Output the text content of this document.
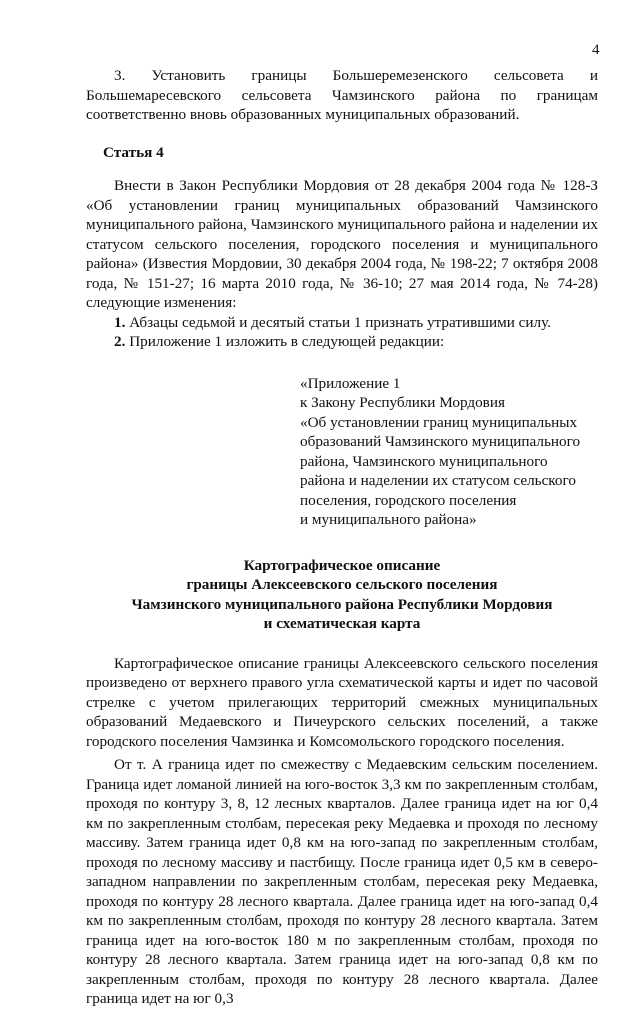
4

3. Установить границы Большеремезенского сельсовета и Большемаресевского сельсовета Чамзинского района по границам соответственно вновь образованных муниципальных образований.

Статья 4

Внести в Закон Республики Мордовия от 28 декабря 2004 года № 128-З «Об установлении границ муниципальных образований Чамзинского муниципального района, Чамзинского муниципального района и наделении их статусом сельского поселения, городского поселения и муниципального района» (Известия Мордовии, 30 декабря 2004 года, № 198-22; 7 октября 2008 года, № 151-27; 16 марта 2010 года, № 36-10; 27 мая 2014 года, № 74-28) следующие изменения:

1. Абзацы седьмой и десятый статьи 1 признать утратившими силу.

2. Приложение 1 изложить в следующей редакции:

«Приложение 1
к Закону Республики Мордовия
«Об установлении границ муниципальных
образований Чамзинского муниципального
района, Чамзинского муниципального
района и наделении их статусом сельского
поселения, городского поселения
и муниципального района»
Картографическое описание
границы Алексеевского сельского поселения
Чамзинского муниципального района Республики Мордовия
и схематическая карта

Картографическое описание границы Алексеевского сельского поселения произведено от верхнего правого угла схематической карты и идет по часовой стрелке с учетом прилегающих территорий смежных муниципальных образований Медаевского и Пичеурского сельских поселений, а также городского поселения Чамзинка и Комсомольского городского поселения.

От т. А граница идет по смежеству с Медаевским сельским поселением. Граница идет ломаной линией на юго-восток 3,3 км по закрепленным столбам, проходя по контуру 3, 8, 12 лесных кварталов. Далее граница идет на юг 0,4 км по закрепленным столбам, пересекая реку Медаевка и проходя по лесному массиву. Затем граница идет 0,8 км на юго-запад по закрепленным столбам, проходя по лесному массиву и пастбищу. После граница идет 0,5 км в северо-западном направлении по закрепленным столбам, пересекая реку Медаевка, проходя по контуру 28 лесного квартала. Далее граница идет на юго-запад 0,4 км по закрепленным столбам, проходя по контуру 28 лесного квартала. Затем граница идет на юго-восток 180 м по закрепленным столбам, проходя по контуру 28 лесного квартала. Затем граница идет на юго-запад 0,8 км по закрепленным столбам, проходя по контуру 28 лесного квартала. Далее граница идет на юг 0,3
